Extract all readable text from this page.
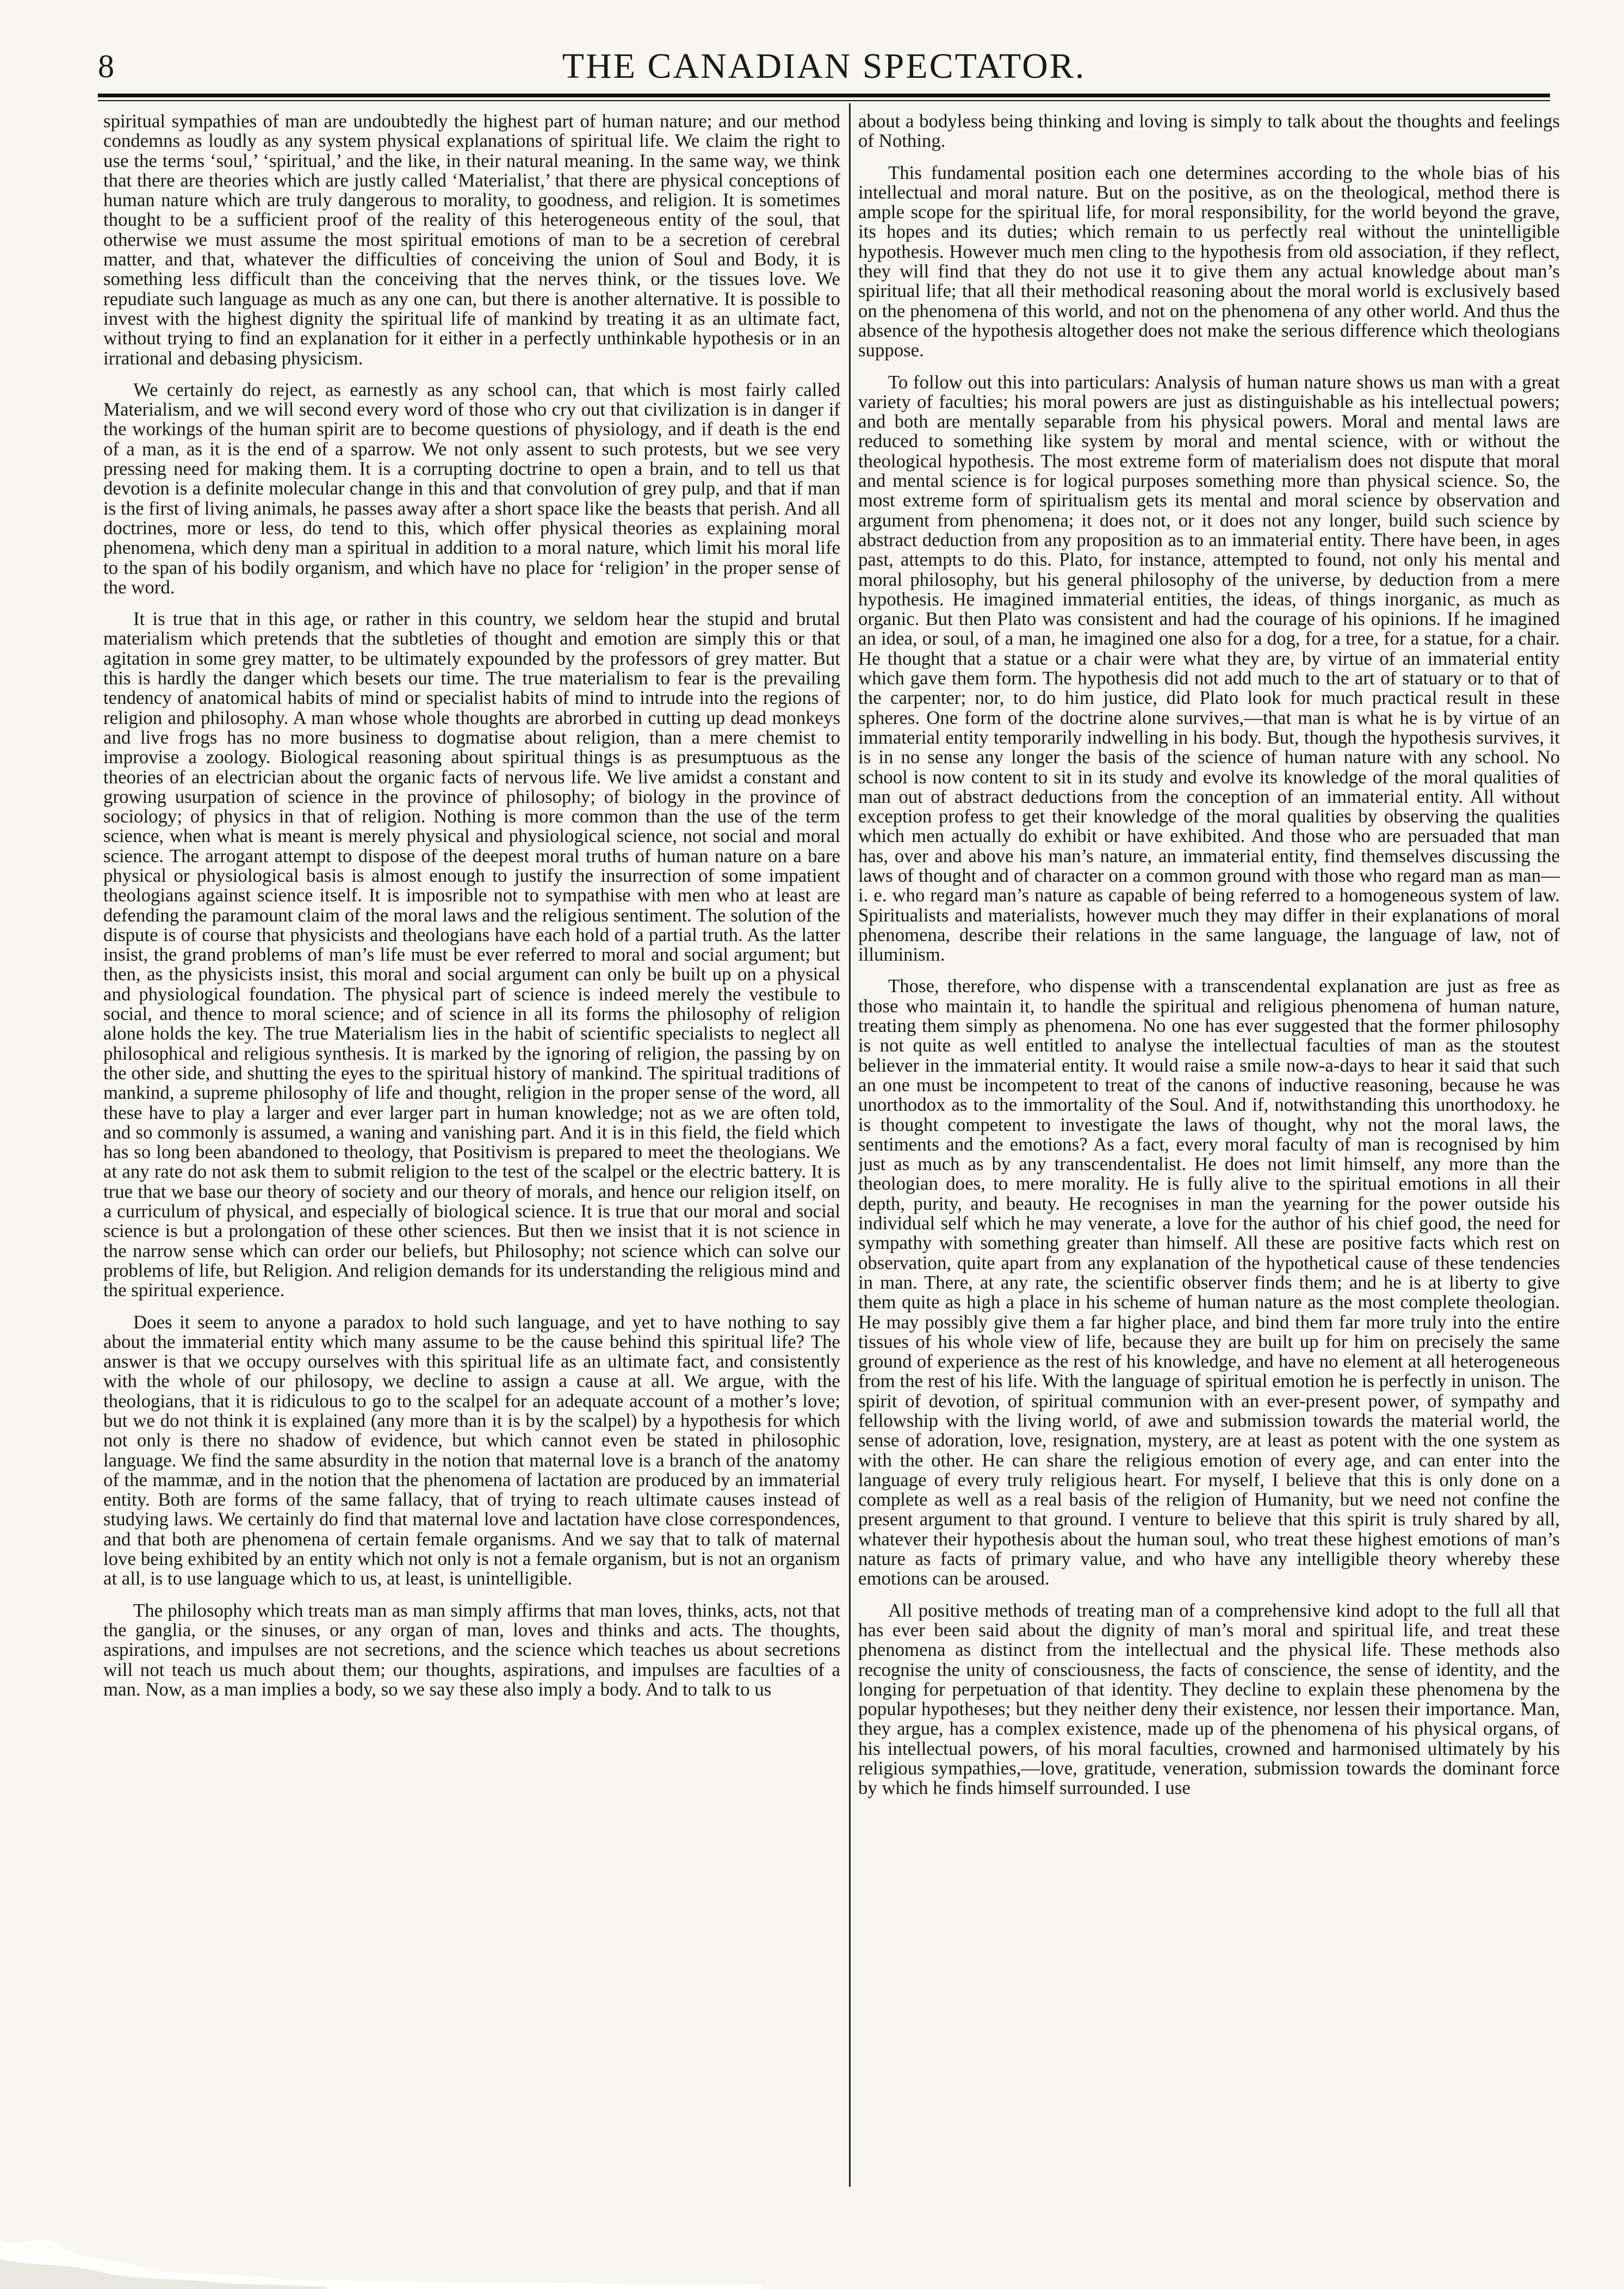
8	THE CANADIAN SPECTATOR.

spiritual sympathies of man are undoubtedly the highest part of human nature; and our method condemns as loudly as any system physical explanations of spiritual life. We claim the right to use the terms ‘soul,’ ‘spiritual,’ and the like, in their natural meaning. In the same way, we think that there are theories which are justly called ‘Materialist,’ that there are physical conceptions of human nature which are truly dangerous to morality, to goodness, and religion. It is sometimes thought to be a sufficient proof of the reality of this heterogeneous entity of the soul, that otherwise we must assume the most spiritual emotions of man to be a secretion of cerebral matter, and that, whatever the difficulties of conceiving the union of Soul and Body, it is something less difficult than the conceiving that the nerves think, or the tissues love. We repudiate such language as much as any one can, but there is another alternative. It is possible to invest with the highest dignity the spiritual life of mankind by treating it as an ultimate fact, without trying to find an explanation for it either in a perfectly unthinkable hypothesis or in an irrational and debasing physicism.

We certainly do reject, as earnestly as any school can, that which is most fairly called Materialism, and we will second every word of those who cry out that civilization is in danger if the workings of the human spirit are to become questions of physiology, and if death is the end of a man, as it is the end of a sparrow. We not only assent to such protests, but we see very pressing need for making them. It is a corrupting doctrine to open a brain, and to tell us that devotion is a definite molecular change in this and that convolution of grey pulp, and that if man is the first of living animals, he passes away after a short space like the beasts that perish. And all doctrines, more or less, do tend to this, which offer physical theories as explaining moral phenomena, which deny man a spiritual in addition to a moral nature, which limit his moral life to the span of his bodily organism, and which have no place for ‘religion’ in the proper sense of the word.

It is true that in this age, or rather in this country, we seldom hear the stupid and brutal materialism which pretends that the subtleties of thought and emotion are simply this or that agitation in some grey matter, to be ultimately expounded by the professors of grey matter. But this is hardly the danger which besets our time. The true materialism to fear is the prevailing tendency of anatomical habits of mind or specialist habits of mind to intrude into the regions of religion and philosophy. A man whose whole thoughts are abrorbed in cutting up dead monkeys and live frogs has no more business to dogmatise about religion, than a mere chemist to improvise a zoology. Biological reasoning about spiritual things is as presumptuous as the theories of an electrician about the organic facts of nervous life. We live amidst a constant and growing usurpation of science in the province of philosophy; of biology in the province of sociology; of physics in that of religion. Nothing is more common than the use of the term science, when what is meant is merely physical and physiological science, not social and moral science. The arrogant attempt to dispose of the deepest moral truths of human nature on a bare physical or physiological basis is almost enough to justify the insurrection of some impatient theologians against science itself. It is imposrible not to sympathise with men who at least are defending the paramount claim of the moral laws and the religious sentiment. The solution of the dispute is of course that physicists and theologians have each hold of a partial truth. As the latter insist, the grand problems of man’s life must be ever referred to moral and social argument; but then, as the physicists insist, this moral and social argument can only be built up on a physical and physiological foundation. The physical part of science is indeed merely the vestibule to social, and thence to moral science; and of science in all its forms the philosophy of religion alone holds the key. The true Materialism lies in the habit of scientific specialists to neglect all philosophical and religious synthesis. It is marked by the ignoring of religion, the passing by on the other side, and shutting the eyes to the spiritual history of mankind. The spiritual traditions of mankind, a supreme philosophy of life and thought, religion in the proper sense of the word, all these have to play a larger and ever larger part in human knowledge; not as we are often told, and so commonly is assumed, a waning and vanishing part. And it is in this field, the field which has so long been abandoned to theology, that Positivism is prepared to meet the theologians. We at any rate do not ask them to submit religion to the test of the scalpel or the electric battery. It is true that we base our theory of society and our theory of morals, and hence our religion itself, on a curriculum of physical, and especially of biological science. It is true that our moral and social science is but a prolongation of these other sciences. But then we insist that it is not science in the narrow sense which can order our beliefs, but Philosophy; not science which can solve our problems of life, but Religion. And religion demands for its understanding the religious mind and the spiritual experience.

Does it seem to anyone a paradox to hold such language, and yet to have nothing to say about the immaterial entity which many assume to be the cause behind this spiritual life? The answer is that we occupy ourselves with this spiritual life as an ultimate fact, and consistently with the whole of our philosopy, we decline to assign a cause at all. We argue, with the theologians, that it is ridiculous to go to the scalpel for an adequate account of a mother’s love; but we do not think it is explained (any more than it is by the scalpel) by a hypothesis for which not only is there no shadow of evidence, but which cannot even be stated in philosophic language. We find the same absurdity in the notion that maternal love is a branch of the anatomy of the mammæ, and in the notion that the phenomena of lactation are produced by an immaterial entity. Both are forms of the same fallacy, that of trying to reach ultimate causes instead of studying laws. We certainly do find that maternal love and lactation have close correspondences, and that both are phenomena of certain female organisms. And we say that to talk of maternal love being exhibited by an entity which not only is not a female organism, but is not an organism at all, is to use language which to us, at least, is unintelligible.

The philosophy which treats man as man simply affirms that man loves, thinks, acts, not that the ganglia, or the sinuses, or any organ of man, loves and thinks and acts. The thoughts, aspirations, and impulses are not secretions, and the science which teaches us about secretions will not teach us much about them; our thoughts, aspirations, and impulses are faculties of a man. Now, as a man implies a body, so we say these also imply a body. And to talk to us

about a bodyless being thinking and loving is simply to talk about the thoughts and feelings of Nothing.

This fundamental position each one determines according to the whole bias of his intellectual and moral nature. But on the positive, as on the theological, method there is ample scope for the spiritual life, for moral responsibility, for the world beyond the grave, its hopes and its duties; which remain to us perfectly real without the unintelligible hypothesis. However much men cling to the hypothesis from old association, if they reflect, they will find that they do not use it to give them any actual knowledge about man’s spiritual life; that all their methodical reasoning about the moral world is exclusively based on the phenomena of this world, and not on the phenomena of any other world. And thus the absence of the hypothesis altogether does not make the serious difference which theologians suppose.

To follow out this into particulars: Analysis of human nature shows us man with a great variety of faculties; his moral powers are just as distinguishable as his intellectual powers; and both are mentally separable from his physical powers. Moral and mental laws are reduced to something like system by moral and mental science, with or without the theological hypothesis. The most extreme form of materialism does not dispute that moral and mental science is for logical purposes something more than physical science. So, the most extreme form of spiritualism gets its mental and moral science by observation and argument from phenomena; it does not, or it does not any longer, build such science by abstract deduction from any proposition as to an immaterial entity. There have been, in ages past, attempts to do this. Plato, for instance, attempted to found, not only his mental and moral philosophy, but his general philosophy of the universe, by deduction from a mere hypothesis. He imagined immaterial entities, the ideas, of things inorganic, as much as organic. But then Plato was consistent and had the courage of his opinions. If he imagined an idea, or soul, of a man, he imagined one also for a dog, for a tree, for a statue, for a chair. He thought that a statue or a chair were what they are, by virtue of an immaterial entity which gave them form. The hypothesis did not add much to the art of statuary or to that of the carpenter; nor, to do him justice, did Plato look for much practical result in these spheres. One form of the doctrine alone survives,—that man is what he is by virtue of an immaterial entity temporarily indwelling in his body. But, though the hypothesis survives, it is in no sense any longer the basis of the science of human nature with any school. No school is now content to sit in its study and evolve its knowledge of the moral qualities of man out of abstract deductions from the conception of an immaterial entity. All without exception profess to get their knowledge of the moral qualities by observing the qualities which men actually do exhibit or have exhibited. And those who are persuaded that man has, over and above his man’s nature, an immaterial entity, find themselves discussing the laws of thought and of character on a common ground with those who regard man as man—i. e. who regard man’s nature as capable of being referred to a homogeneous system of law. Spiritualists and materialists, however much they may differ in their explanations of moral phenomena, describe their relations in the same language, the language of law, not of illuminism.

Those, therefore, who dispense with a transcendental explanation are just as free as those who maintain it, to handle the spiritual and religious phenomena of human nature, treating them simply as phenomena. No one has ever suggested that the former philosophy is not quite as well entitled to analyse the intellectual faculties of man as the stoutest believer in the immaterial entity. It would raise a smile now-a-days to hear it said that such an one must be incompetent to treat of the canons of inductive reasoning, because he was unorthodox as to the immortality of the Soul. And if, notwithstanding this unorthodoxy. he is thought competent to investigate the laws of thought, why not the moral laws, the sentiments and the emotions? As a fact, every moral faculty of man is recognised by him just as much as by any transcendentalist. He does not limit himself, any more than the theologian does, to mere morality. He is fully alive to the spiritual emotions in all their depth, purity, and beauty. He recognises in man the yearning for the power outside his individual self which he may venerate, a love for the author of his chief good, the need for sympathy with something greater than himself. All these are positive facts which rest on observation, quite apart from any explanation of the hypothetical cause of these tendencies in man. There, at any rate, the scientific observer finds them; and he is at liberty to give them quite as high a place in his scheme of human nature as the most complete theologian. He may possibly give them a far higher place, and bind them far more truly into the entire tissues of his whole view of life, because they are built up for him on precisely the same ground of experience as the rest of his knowledge, and have no element at all heterogeneous from the rest of his life. With the language of spiritual emotion he is perfectly in unison. The spirit of devotion, of spiritual communion with an ever-present power, of sympathy and fellowship with the living world, of awe and submission towards the material world, the sense of adoration, love, resignation, mystery, are at least as potent with the one system as with the other. He can share the religious emotion of every age, and can enter into the language of every truly religious heart. For myself, I believe that this is only done on a complete as well as a real basis of the religion of Humanity, but we need not confine the present argument to that ground. I venture to believe that this spirit is truly shared by all, whatever their hypothesis about the human soul, who treat these highest emotions of man’s nature as facts of primary value, and who have any intelligible theory whereby these emotions can be aroused.

All positive methods of treating man of a comprehensive kind adopt to the full all that has ever been said about the dignity of man’s moral and spiritual life, and treat these phenomena as distinct from the intellectual and the physical life. These methods also recognise the unity of consciousness, the facts of conscience, the sense of identity, and the longing for perpetuation of that identity. They decline to explain these phenomena by the popular hypotheses; but they neither deny their existence, nor lessen their importance. Man, they argue, has a complex existence, made up of the phenomena of his physical organs, of his intellectual powers, of his moral faculties, crowned and harmonised ultimately by his religious sympathies,—love, gratitude, veneration, submission towards the dominant force by which he finds himself surrounded. I use
